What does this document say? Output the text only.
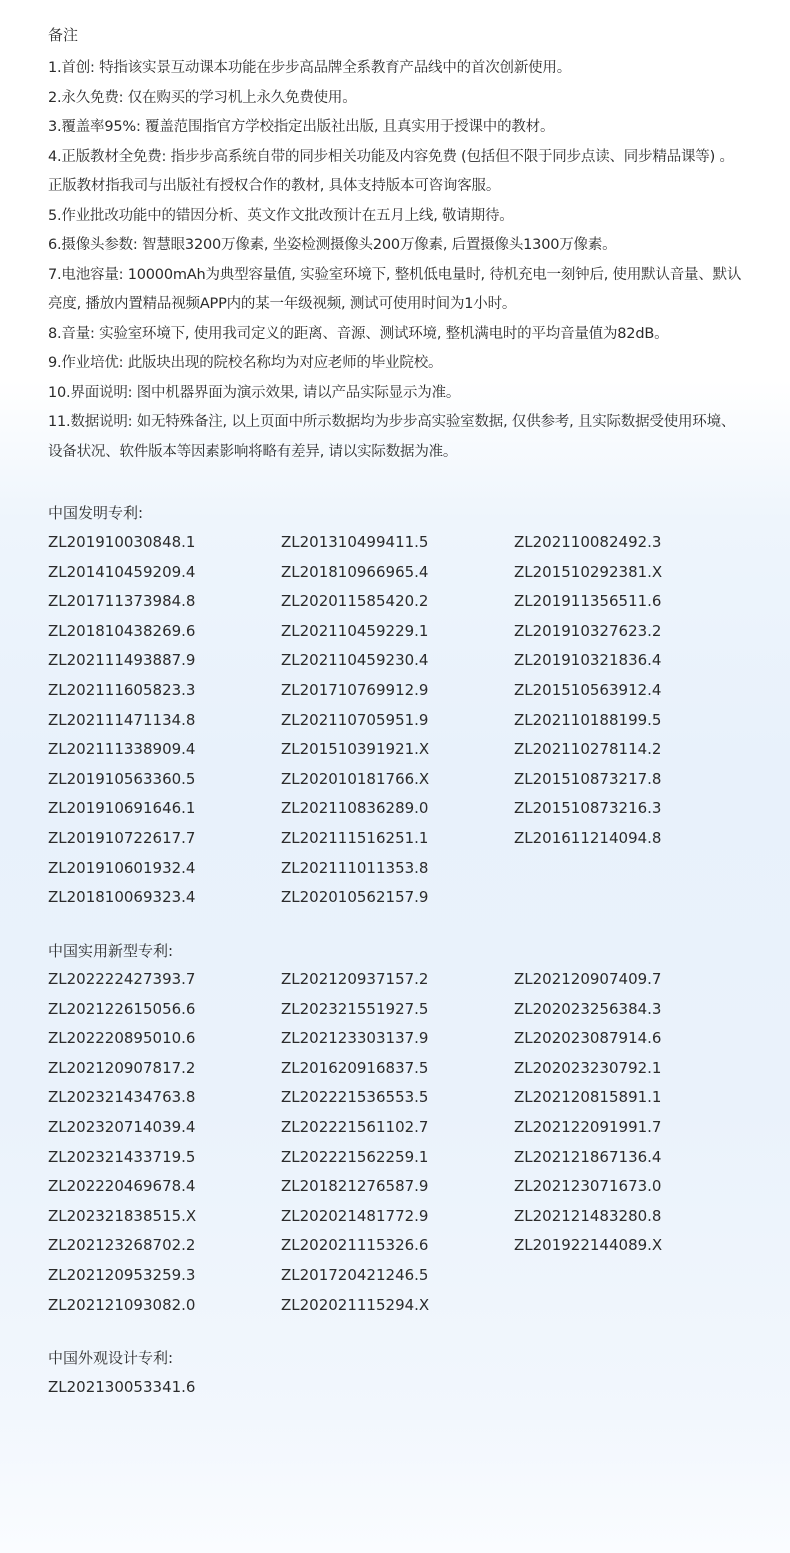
备注
1.首创: 特指该实景互动课本功能在步步高品牌全系教育产品线中的首次创新使用。
2.永久免费: 仅在购买的学习机上永久免费使用。
3.覆盖率95%: 覆盖范围指官方学校指定出版社出版, 且真实用于授课中的教材。
4.正版教材全免费: 指步步高系统自带的同步相关功能及内容免费 (包括但不限于同步点读、同步精品课等) 。正版教材指我司与出版社有授权合作的教材, 具体支持版本可咨询客服。
5.作业批改功能中的错因分析、英文作文批改预计在五月上线, 敬请期待。
6.摄像头参数: 智慧眼3200万像素, 坐姿检测摄像头200万像素, 后置摄像头1300万像素。
7.电池容量: 10000mAh为典型容量值, 实验室环境下, 整机低电量时, 待机充电一刻钟后, 使用默认音量、默认亮度, 播放内置精品视频APP内的某一年级视频, 测试可使用时间为1小时。
8.音量: 实验室环境下, 使用我司定义的距离、音源、测试环境, 整机满电时的平均音量值为82dB。
9.作业培优: 此版块出现的院校名称均为对应老师的毕业院校。
10.界面说明: 图中机器界面为演示效果, 请以产品实际显示为准。
11.数据说明: 如无特殊备注, 以上页面中所示数据均为步步高实验室数据, 仅供参考, 且实际数据受使用环境、设备状况、软件版本等因素影响将略有差异, 请以实际数据为准。
中国发明专利:
ZL201910030848.1	ZL201310499411.5	ZL202110082492.3
ZL201410459209.4	ZL201810966965.4	ZL201510292381.X
ZL201711373984.8	ZL202011585420.2	ZL201911356511.6
ZL201810438269.6	ZL202110459229.1	ZL201910327623.2
ZL202111493887.9	ZL202110459230.4	ZL201910321836.4
ZL202111605823.3	ZL201710769912.9	ZL201510563912.4
ZL202111471134.8	ZL202110705951.9	ZL202110188199.5
ZL202111338909.4	ZL201510391921.X	ZL202110278114.2
ZL201910563360.5	ZL202010181766.X	ZL201510873217.8
ZL201910691646.1	ZL202110836289.0	ZL201510873216.3
ZL201910722617.7	ZL202111516251.1	ZL201611214094.8
ZL201910601932.4	ZL202111011353.8
ZL201810069323.4	ZL202010562157.9
中国实用新型专利:
ZL202222427393.7	ZL202120937157.2	ZL202120907409.7
ZL202122615056.6	ZL202321551927.5	ZL202023256384.3
ZL202220895010.6	ZL202123303137.9	ZL202023087914.6
ZL202120907817.2	ZL201620916837.5	ZL202023230792.1
ZL202321434763.8	ZL202221536553.5	ZL202120815891.1
ZL202320714039.4	ZL202221561102.7	ZL202122091991.7
ZL202321433719.5	ZL202221562259.1	ZL202121867136.4
ZL202220469678.4	ZL201821276587.9	ZL202123071673.0
ZL202321838515.X	ZL202021481772.9	ZL202121483280.8
ZL202123268702.2	ZL202021115326.6	ZL201922144089.X
ZL202120953259.3	ZL201720421246.5
ZL202121093082.0	ZL202021115294.X
中国外观设计专利:
ZL202130053341.6
